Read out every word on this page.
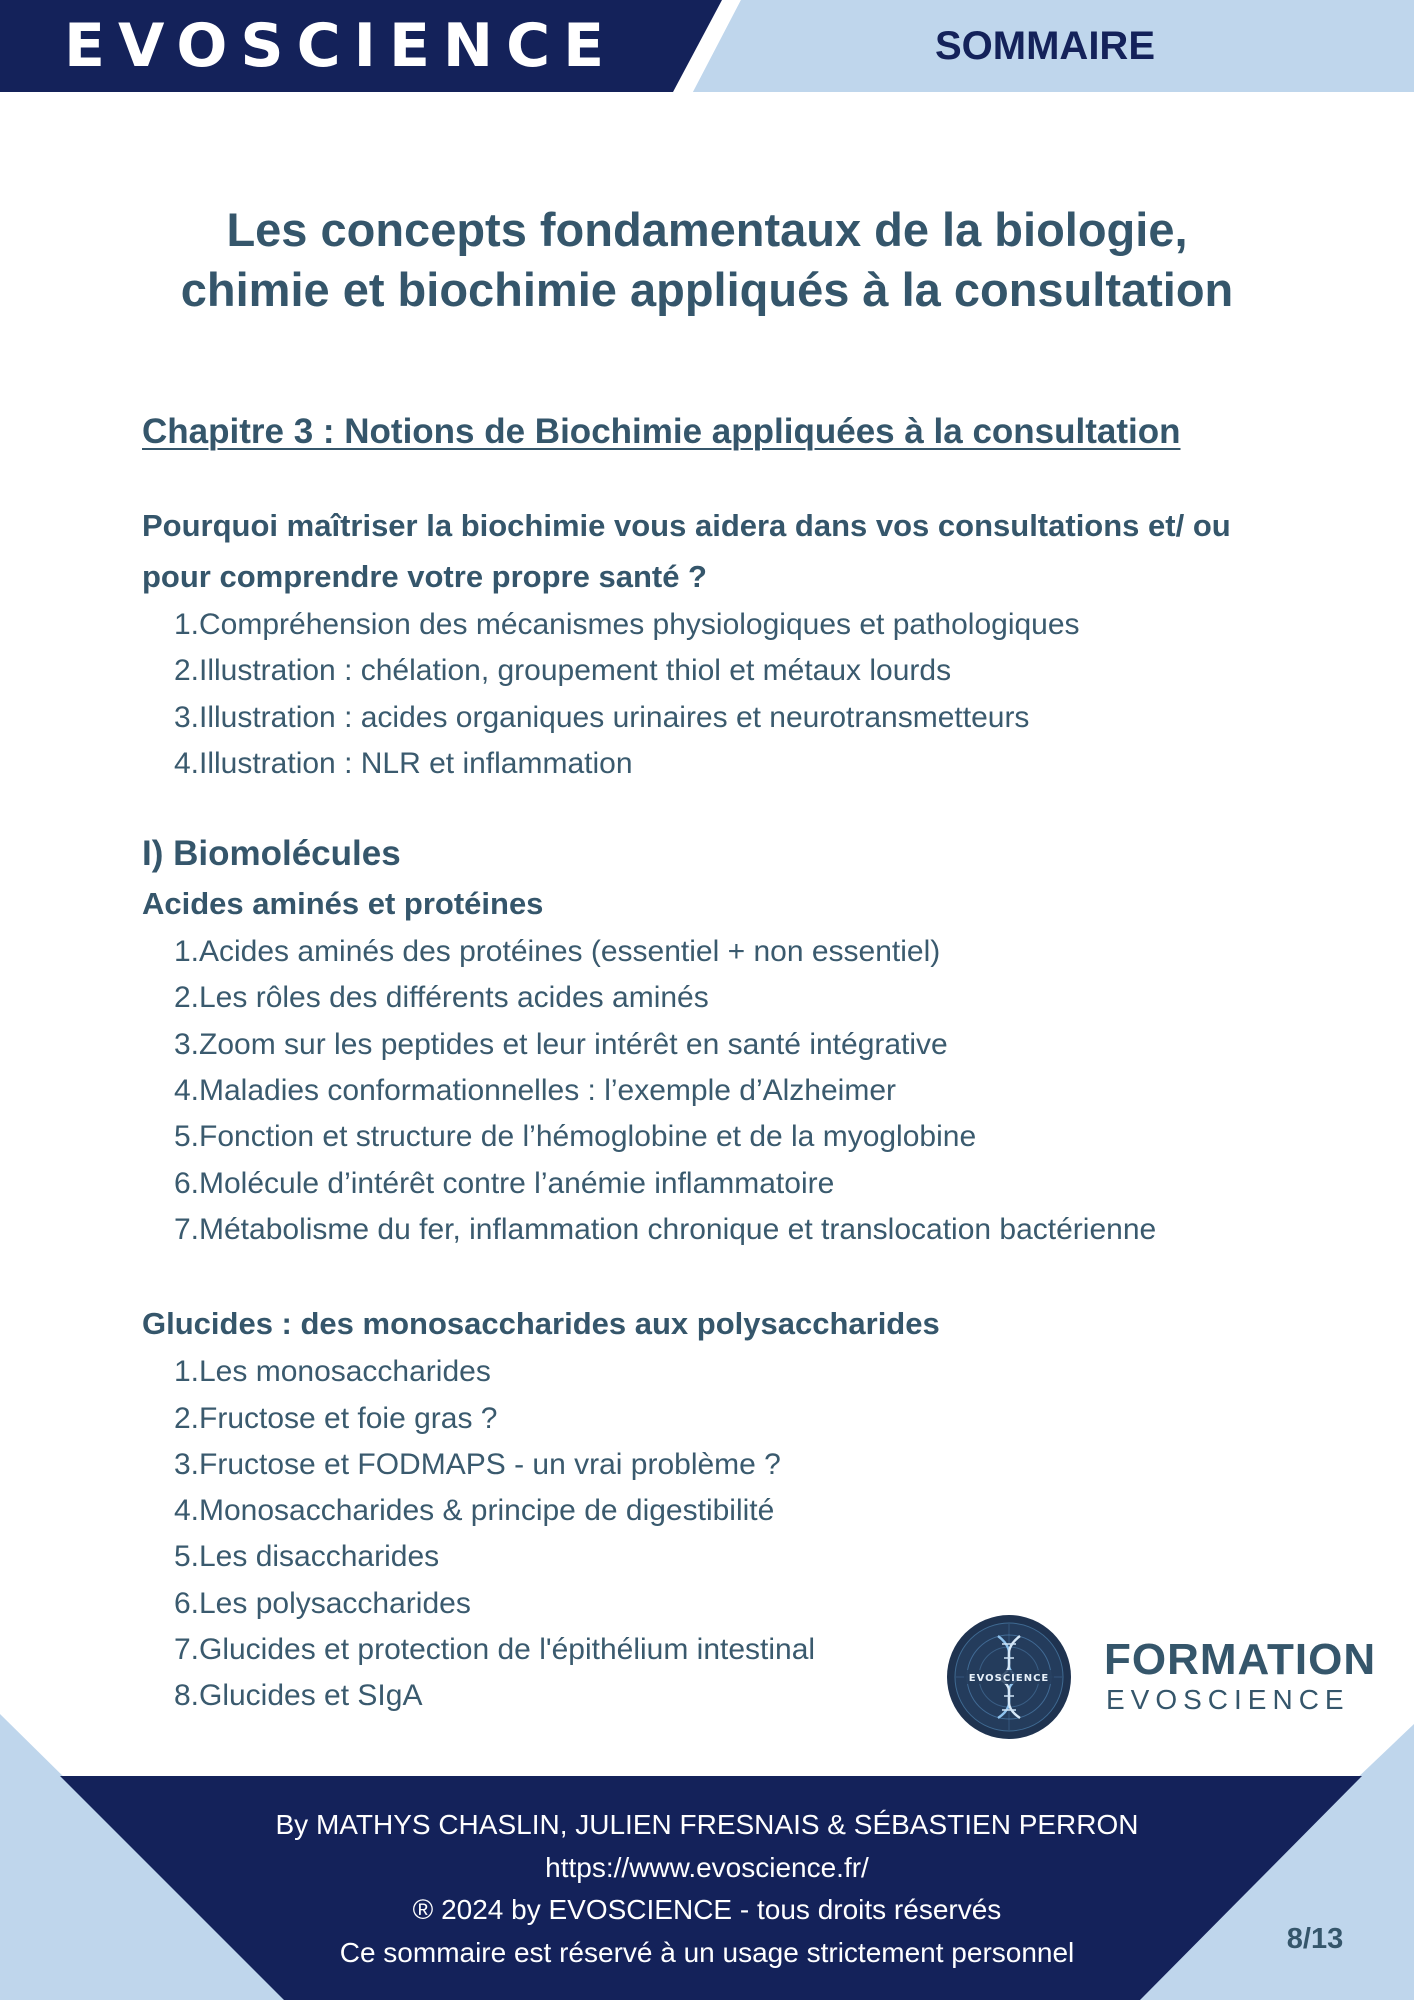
EVOSCIENCE	SOMMAIRE
Les concepts fondamentaux de la biologie,
chimie et biochimie appliqués à la consultation
Chapitre 3 : Notions de Biochimie appliquées à la consultation
Pourquoi maîtriser la biochimie vous aidera dans vos consultations et/ ou pour comprendre votre propre santé ?
1. Compréhension des mécanismes physiologiques et pathologiques
2. Illustration : chélation, groupement thiol et métaux lourds
3. Illustration : acides organiques urinaires et neurotransmetteurs
4. Illustration : NLR et inflammation
I) Biomolécules
Acides aminés et protéines
1. Acides aminés des protéines (essentiel + non essentiel)
2. Les rôles des différents acides aminés
3. Zoom sur les peptides et leur intérêt en santé intégrative
4. Maladies conformationnelles : l’exemple d’Alzheimer
5. Fonction et structure de l’hémoglobine et de la myoglobine
6. Molécule d’intérêt contre l’anémie inflammatoire
7. Métabolisme du fer, inflammation chronique et translocation bactérienne
Glucides : des monosaccharides aux polysaccharides
1. Les monosaccharides
2. Fructose et foie gras ?
3. Fructose et FODMAPS - un vrai problème ?
4. Monosaccharides & principe de digestibilité
5. Les disaccharides
6. Les polysaccharides
7. Glucides et protection de l'épithélium intestinal
8. Glucides et SIgA
EVOSCIENCE FORMATION
EVOSCIENCE
By MATHYS CHASLIN, JULIEN FRESNAIS & SÉBASTIEN PERRON
https://www.evoscience.fr/
® 2024 by EVOSCIENCE - tous droits réservés
Ce sommaire est réservé à un usage strictement personnel	8/13
